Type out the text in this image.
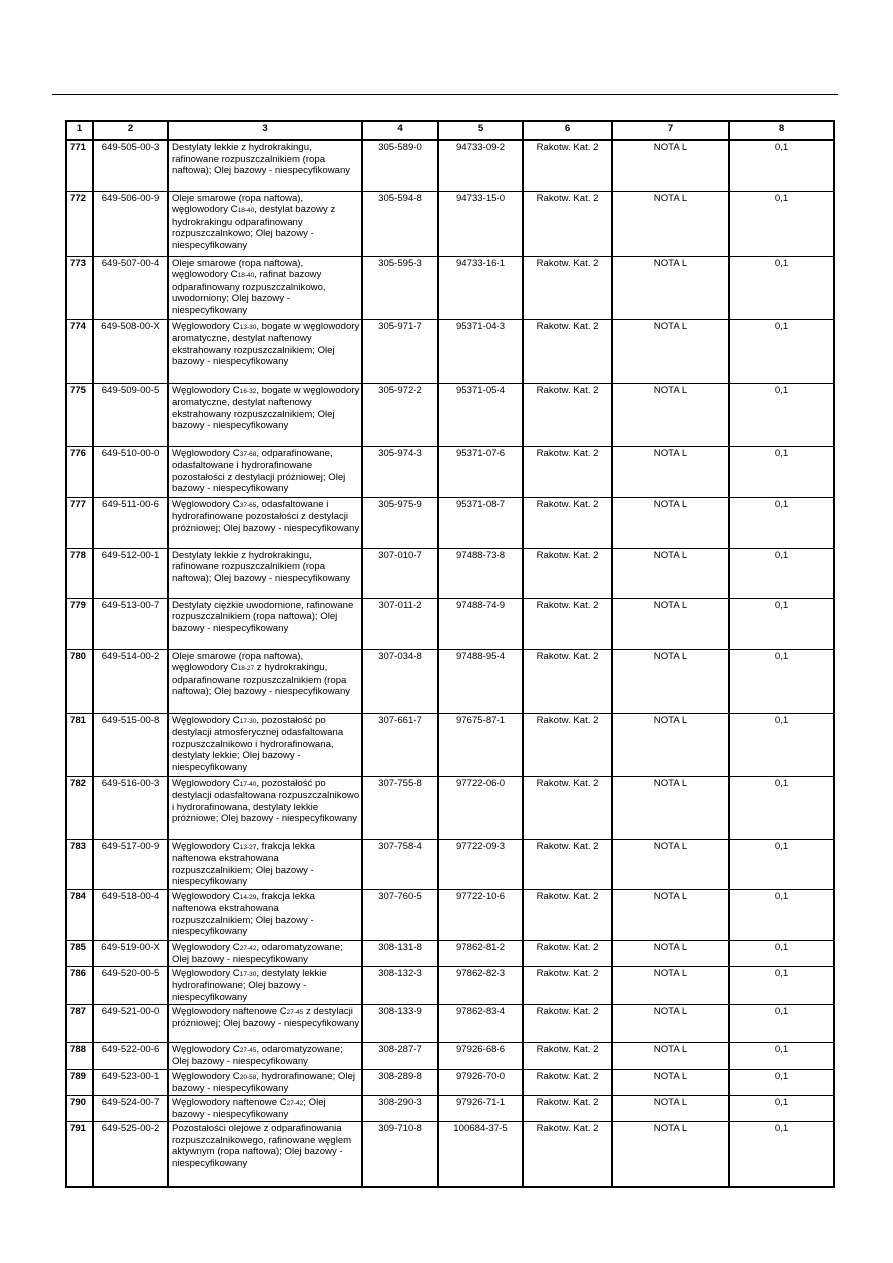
1	2	3	4	5	6	7	8
771	649-505-00-3	Destylaty lekkie z hydrokrakingu, rafinowane rozpuszczalnikiem (ropa naftowa); Olej bazowy - niespecyfikowany	305-589-0	94733-09-2	Rakotw. Kat. 2	NOTA L	0,1
772	649-506-00-9	Oleje smarowe (ropa naftowa), węglowodory C18-40, destylat bazowy z hydrokrakingu odparafinowany rozpuszczalnkowo; Olej bazowy - niespecyfikowany	305-594-8	94733-15-0	Rakotw. Kat. 2	NOTA L	0,1
773	649-507-00-4	Oleje smarowe (ropa naftowa), węglowodory C18-40, rafinat bazowy odparafinowany rozpuszczalnikowo, uwodorniony; Olej bazowy - niespecyfikowany	305-595-3	94733-16-1	Rakotw. Kat. 2	NOTA L	0,1
774	649-508-00-X	Węglowodory C13-30, bogate w węglowodory aromatyczne, destylat naftenowy ekstrahowany rozpuszczalnikiem; Olej bazowy - niespecyfikowany	305-971-7	95371-04-3	Rakotw. Kat. 2	NOTA L	0,1
775	649-509-00-5	Węglowodory C16-32, bogate w węglowodory aromatyczne, destylat naftenowy ekstrahowany rozpuszczalnikiem; Olej bazowy - niespecyfikowany	305-972-2	95371-05-4	Rakotw. Kat. 2	NOTA L	0,1
776	649-510-00-0	Węglowodory C37-68, odparafinowane, odasfaltowane i hydrorafinowane pozostałości z destylacji próżniowej; Olej bazowy - niespecyfikowany	305-974-3	95371-07-6	Rakotw. Kat. 2	NOTA L	0,1
777	649-511-00-6	Węglowodory C37-65, odasfaltowane i hydrorafinowane pozostałości z destylacji próżniowej; Olej bazowy - niespecyfikowany	305-975-9	95371-08-7	Rakotw. Kat. 2	NOTA L	0,1
778	649-512-00-1	Destylaty lekkie z hydrokrakingu, rafinowane rozpuszczalnikiem (ropa naftowa); Olej bazowy - niespecyfikowany	307-010-7	97488-73-8	Rakotw. Kat. 2	NOTA L	0,1
779	649-513-00-7	Destylaty ciężkie uwodornione, rafinowane rozpuszczalnikiem (ropa naftowa); Olej bazowy - niespecyfikowany	307-011-2	97488-74-9	Rakotw. Kat. 2	NOTA L	0,1
780	649-514-00-2	Oleje smarowe (ropa naftowa), węglowodory C18-27 z hydrokrakingu, odparafinowane rozpuszczalnikiem (ropa naftowa); Olej bazowy - niespecyfikowany	307-034-8	97488-95-4	Rakotw. Kat. 2	NOTA L	0,1
781	649-515-00-8	Węglowodory C17-30, pozostałość po destylacji atmosferycznej odasfaltowana rozpuszczalnikowo i hydrorafinowana, destylaty lekkie; Olej bazowy - niespecyfikowany	307-661-7	97675-87-1	Rakotw. Kat. 2	NOTA L	0,1
782	649-516-00-3	Węglowodory C17-40, pozostałość po destylacji odasfaltowana rozpuszczalnikowo i hydrorafinowana, destylaty lekkie próżniowe; Olej bazowy - niespecyfikowany	307-755-8	97722-06-0	Rakotw. Kat. 2	NOTA L	0,1
783	649-517-00-9	Węglowodory C13-27, frakcja lekka naftenowa ekstrahowana rozpuszczalnikiem; Olej bazowy - niespecyfikowany	307-758-4	97722-09-3	Rakotw. Kat. 2	NOTA L	0,1
784	649-518-00-4	Węglowodory C14-29, frakcja lekka naftenowa ekstrahowana rozpuszczalnikiem; Olej bazowy - niespecyfikowany	307-760-5	97722-10-6	Rakotw. Kat. 2	NOTA L	0,1
785	649-519-00-X	Węglowodory C27-42, odaromatyzowane; Olej bazowy - niespecyfikowany	308-131-8	97862-81-2	Rakotw. Kat. 2	NOTA L	0,1
786	649-520-00-5	Węglowodory C17-30, destylaty lekkie hydrorafinowane; Olej bazowy - niespecyfikowany	308-132-3	97862-82-3	Rakotw. Kat. 2	NOTA L	0,1
787	649-521-00-0	Węglowodory naftenowe C27-45 z destylacji próżniowej; Olej bazowy - niespecyfikowany	308-133-9	97862-83-4	Rakotw. Kat. 2	NOTA L	0,1
788	649-522-00-6	Węglowodory C27-45, odaromatyzowane; Olej bazowy - niespecyfikowany	308-287-7	97926-68-6	Rakotw. Kat. 2	NOTA L	0,1
789	649-523-00-1	Węglowodory C20-58, hydrorafinowane; Olej bazowy - niespecyfikowany	308-289-8	97926-70-0	Rakotw. Kat. 2	NOTA L	0,1
790	649-524-00-7	Węglowodory naftenowe C27-42; Olej bazowy - niespecyfikowany	308-290-3	97926-71-1	Rakotw. Kat. 2	NOTA L	0,1
791	649-525-00-2	Pozostałości olejowe z odparafinowania rozpuszczalnikowego, rafinowane węglem aktywnym (ropa naftowa); Olej bazowy - niespecyfikowany	309-710-8	100684-37-5	Rakotw. Kat. 2	NOTA L	0,1
